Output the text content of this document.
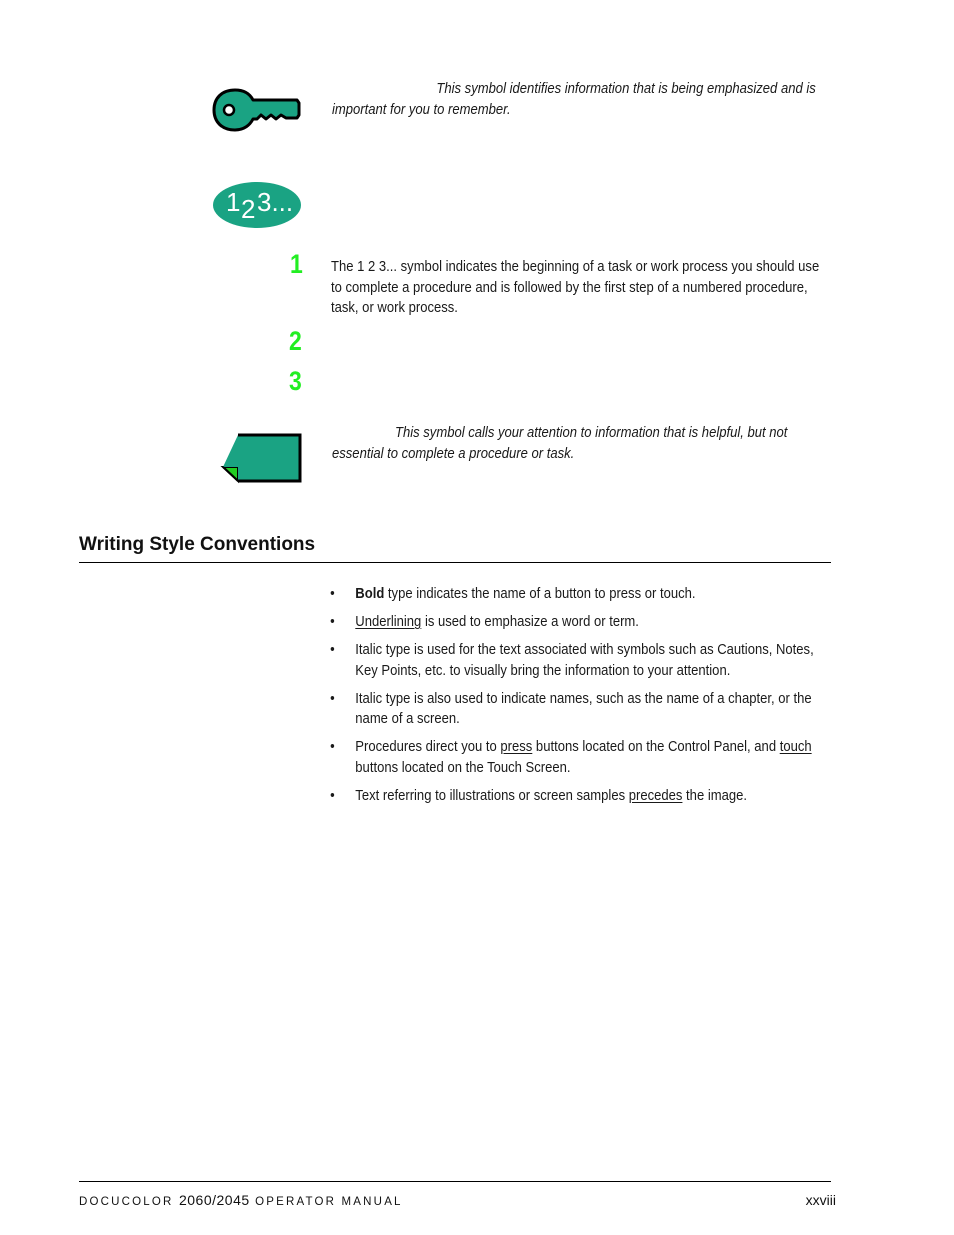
This symbol identifies information that is being emphasized and is important for you to remember.
1 2 3...
1
2
3
The 1 2 3... symbol indicates the beginning of a task or work process you should use to complete a procedure and is followed by the first step of a numbered procedure, task, or work process.
This symbol calls your attention to information that is helpful, but not essential to complete a procedure or task.
Writing Style Conventions
• Bold type indicates the name of a button to press or touch.
• Underlining is used to emphasize a word or term.
• Italic type is used for the text associated with symbols such as Cautions, Notes, Key Points, etc. to visually bring the information to your attention.
• Italic type is also used to indicate names, such as the name of a chapter, or the name of a screen.
• Procedures direct you to press buttons located on the Control Panel, and touch buttons located on the Touch Screen.
• Text referring to illustrations or screen samples precedes the image.
DOCUCOLOR 2060/2045 OPERATOR MANUAL	xxviii
